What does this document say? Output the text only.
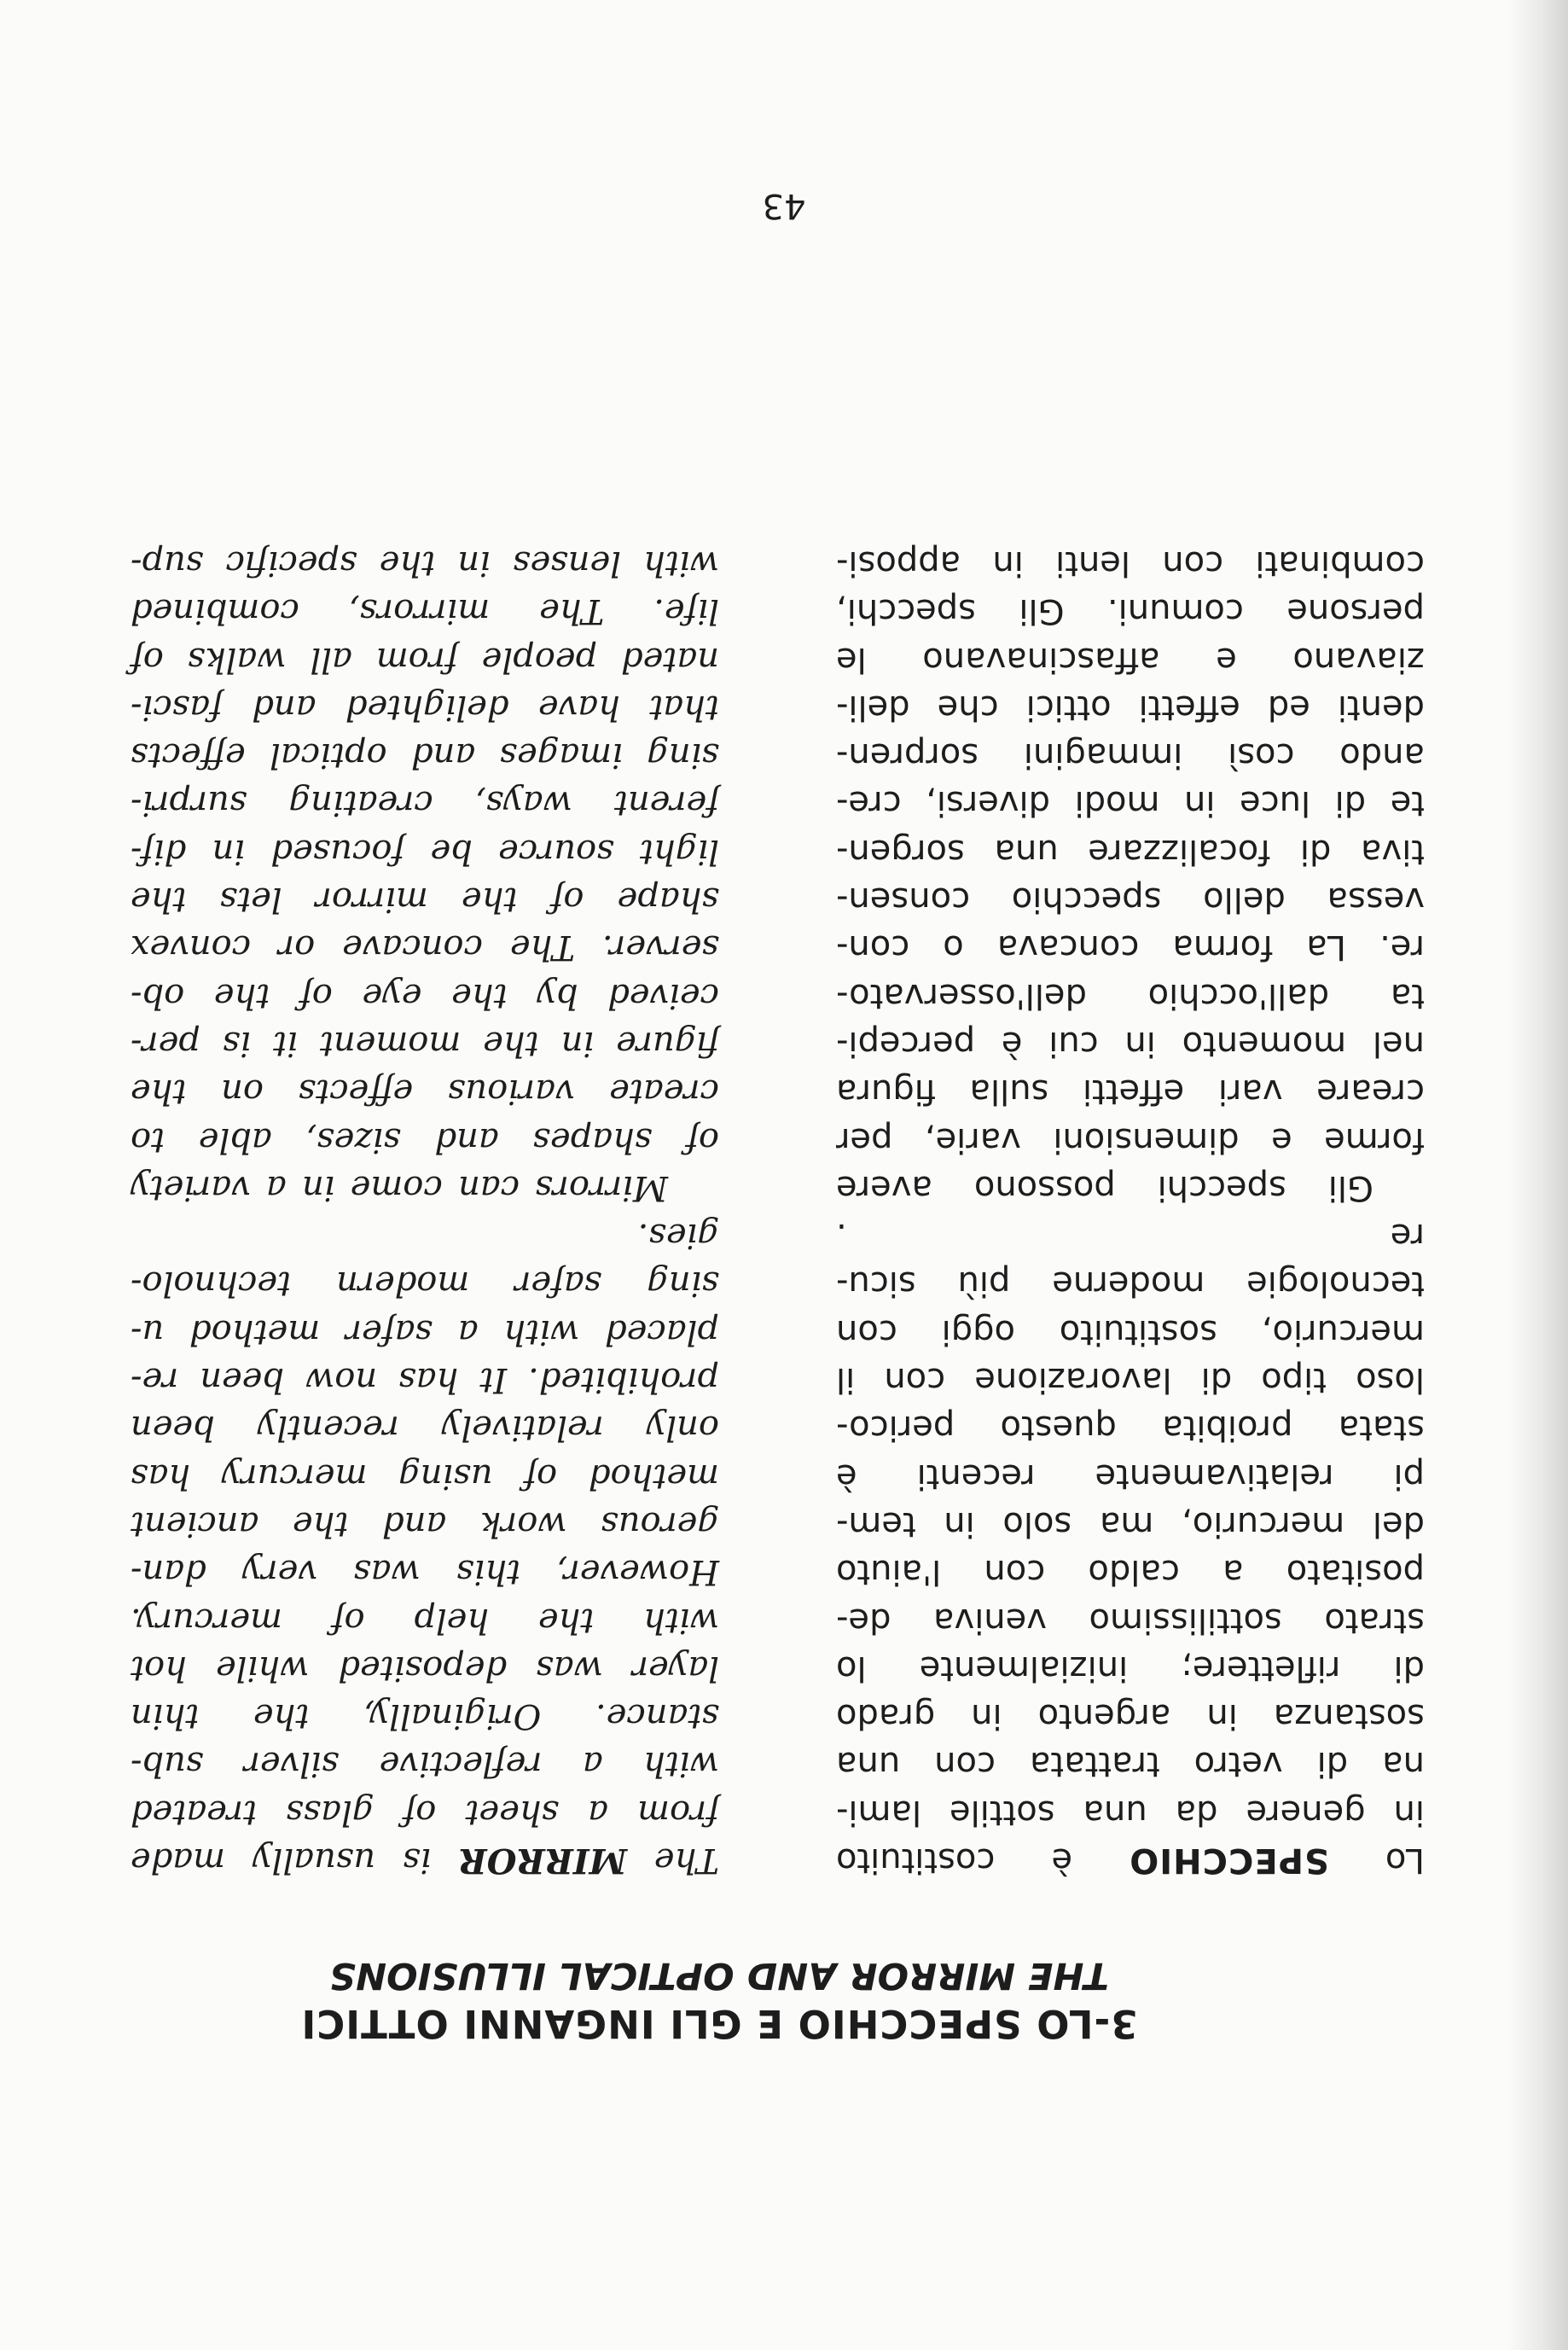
3-LO SPECCHIO E GLI INGANNI OTTICI
THE MIRROR AND OPTICAL ILLUSIONS
Lo SPECCHIO è costituito
in genere da una sottile lami-
na di vetro trattata con una
sostanza in argento in grado
di riflettere; inizialmente lo
strato sottilissimo veniva de-
positato a caldo con l'aiuto
del mercurio, ma solo in tem-
pi relativamente recenti è
stata proibita questo perico-
loso tipo di lavorazione con il
mercurio, sostituito oggi con
tecnologie moderne più sicu-
re .
Gli specchi possono avere
forme e dimensioni varie, per
creare vari effetti sulla figura
nel momento in cui è percepi-
ta dall'occhio dell'osservato-
re. La forma concava o con-
vessa dello specchio consen-
tiva di focalizzare una sorgen-
te di luce in modi diversi, cre-
ando così immagini sorpren-
denti ed effetti ottici che deli-
ziavano e affascinavano le
persone comuni. Gli specchi,
combinati con lenti in apposi-
The MIRROR is usually made
from a sheet of glass treated
with a reflective silver sub-
stance. Originally, the thin
layer was deposited while hot
with the help of mercury.
However, this was very dan-
gerous work and the ancient
method of using mercury has
only relatively recently been
prohibited. It has now been re-
placed with a safer method u-
sing safer modern technolo-
gies.
Mirrors can come in a variety
of shapes and sizes, able to
create various effects on the
figure in the moment it is per-
ceived by the eye of the ob-
server. The concave or convex
shape of the mirror lets the
light source be focused in dif-
ferent ways, creating surpri-
sing images and optical effects
that have delighted and fasci-
nated people from all walks of
life. The mirrors, combined
with lenses in the specific sup-
43
